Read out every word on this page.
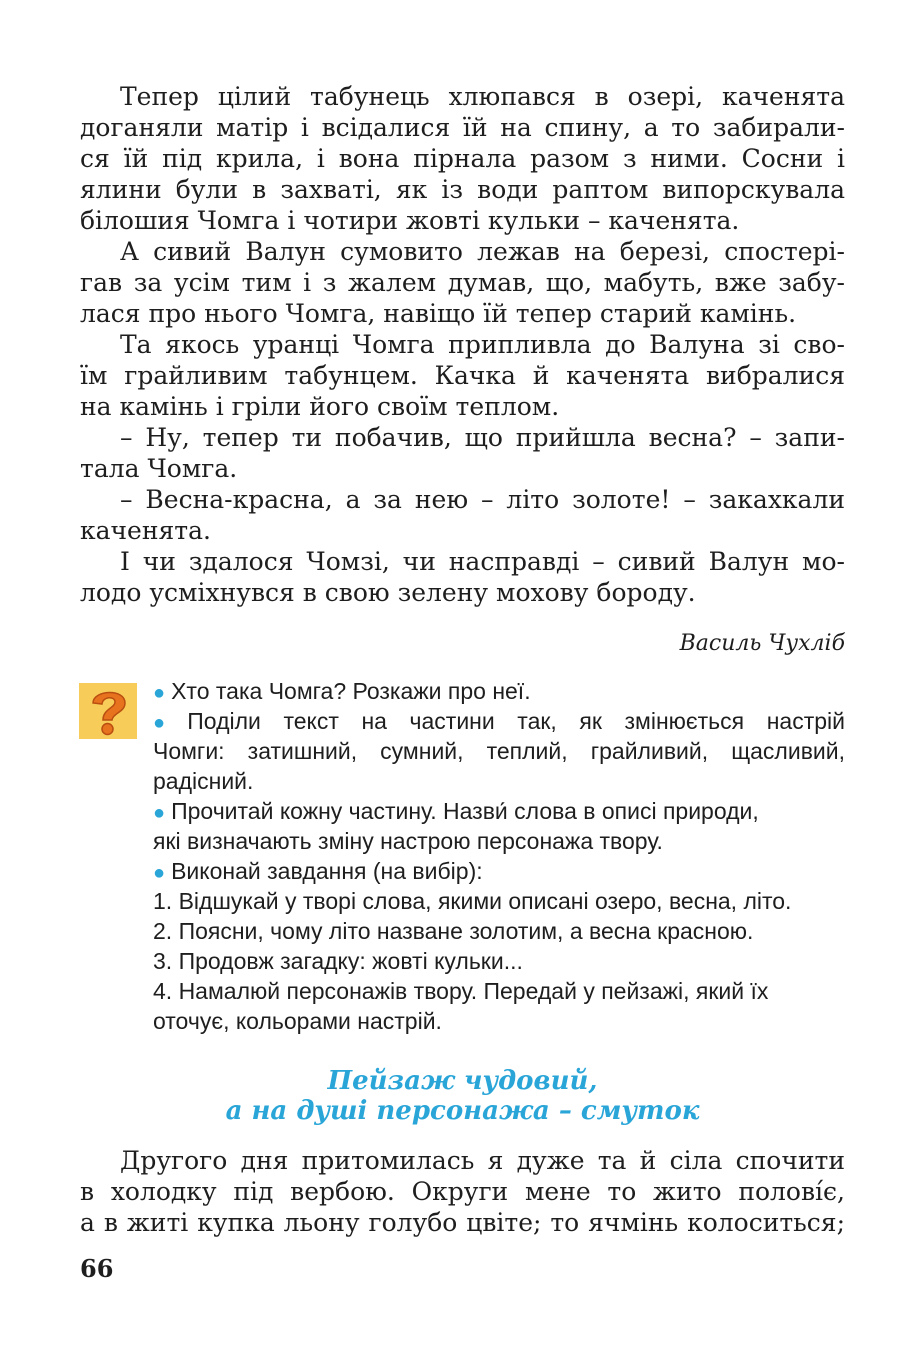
Тепер цілий табунець хлюпався в озері, каченята
доганяли матір і всідалися їй на спину, а то забирали-
ся їй під крила, і вона пірнала разом з ними. Сосни і
ялини були в захваті, як із води раптом випорскувала
білошия Чомга і чотири жовті кульки – каченята.
А сивий Валун сумовито лежав на березі, спостері-
гав за усім тим і з жалем думав, що, мабуть, вже забу-
лася про нього Чомга, навіщо їй тепер старий камінь.
Та якось уранці Чомга припливла до Валуна зі сво-
їм грайливим табунцем. Качка й каченята вибралися
на камінь і гріли його своїм теплом.
– Ну, тепер ти побачив, що прийшла весна? – запи-
тала Чомга.
– Весна-красна, а за нею – літо золоте! – закахкали
каченята.
І чи здалося Чомзі, чи насправді – сивий Валун мо-
лодо усміхнувся в свою зелену мохову бороду.
Василь Чухліб
● Хто така Чомга? Розкажи про неї.
● Поділи текст на частини так, як змінюється настрій
Чомги: затишний, сумний, теплий, грайливий, щасливий,
радісний.
● Прочитай кожну частину. Назви́ слова в описі природи,
які визначають зміну настрою персонажа твору.
● Виконай завдання (на вибір):
1. Відшукай у творі слова, якими описані озеро, весна, літо.
2. Поясни, чому літо назване золотим, а весна красною.
3. Продовж загадку: жовті кульки...
4. Намалюй персонажів твору. Передай у пейзажі, який їх
оточує, кольорами настрій.
Пейзаж чудовий,
а на душі персонажа – смуток
Другого дня притомилась я дуже та й сіла спочити
в холодку під вербою. Округи мене то жито полові́є,
а в житі купка льону голубо цвіте; то ячмінь колоситься;
66
